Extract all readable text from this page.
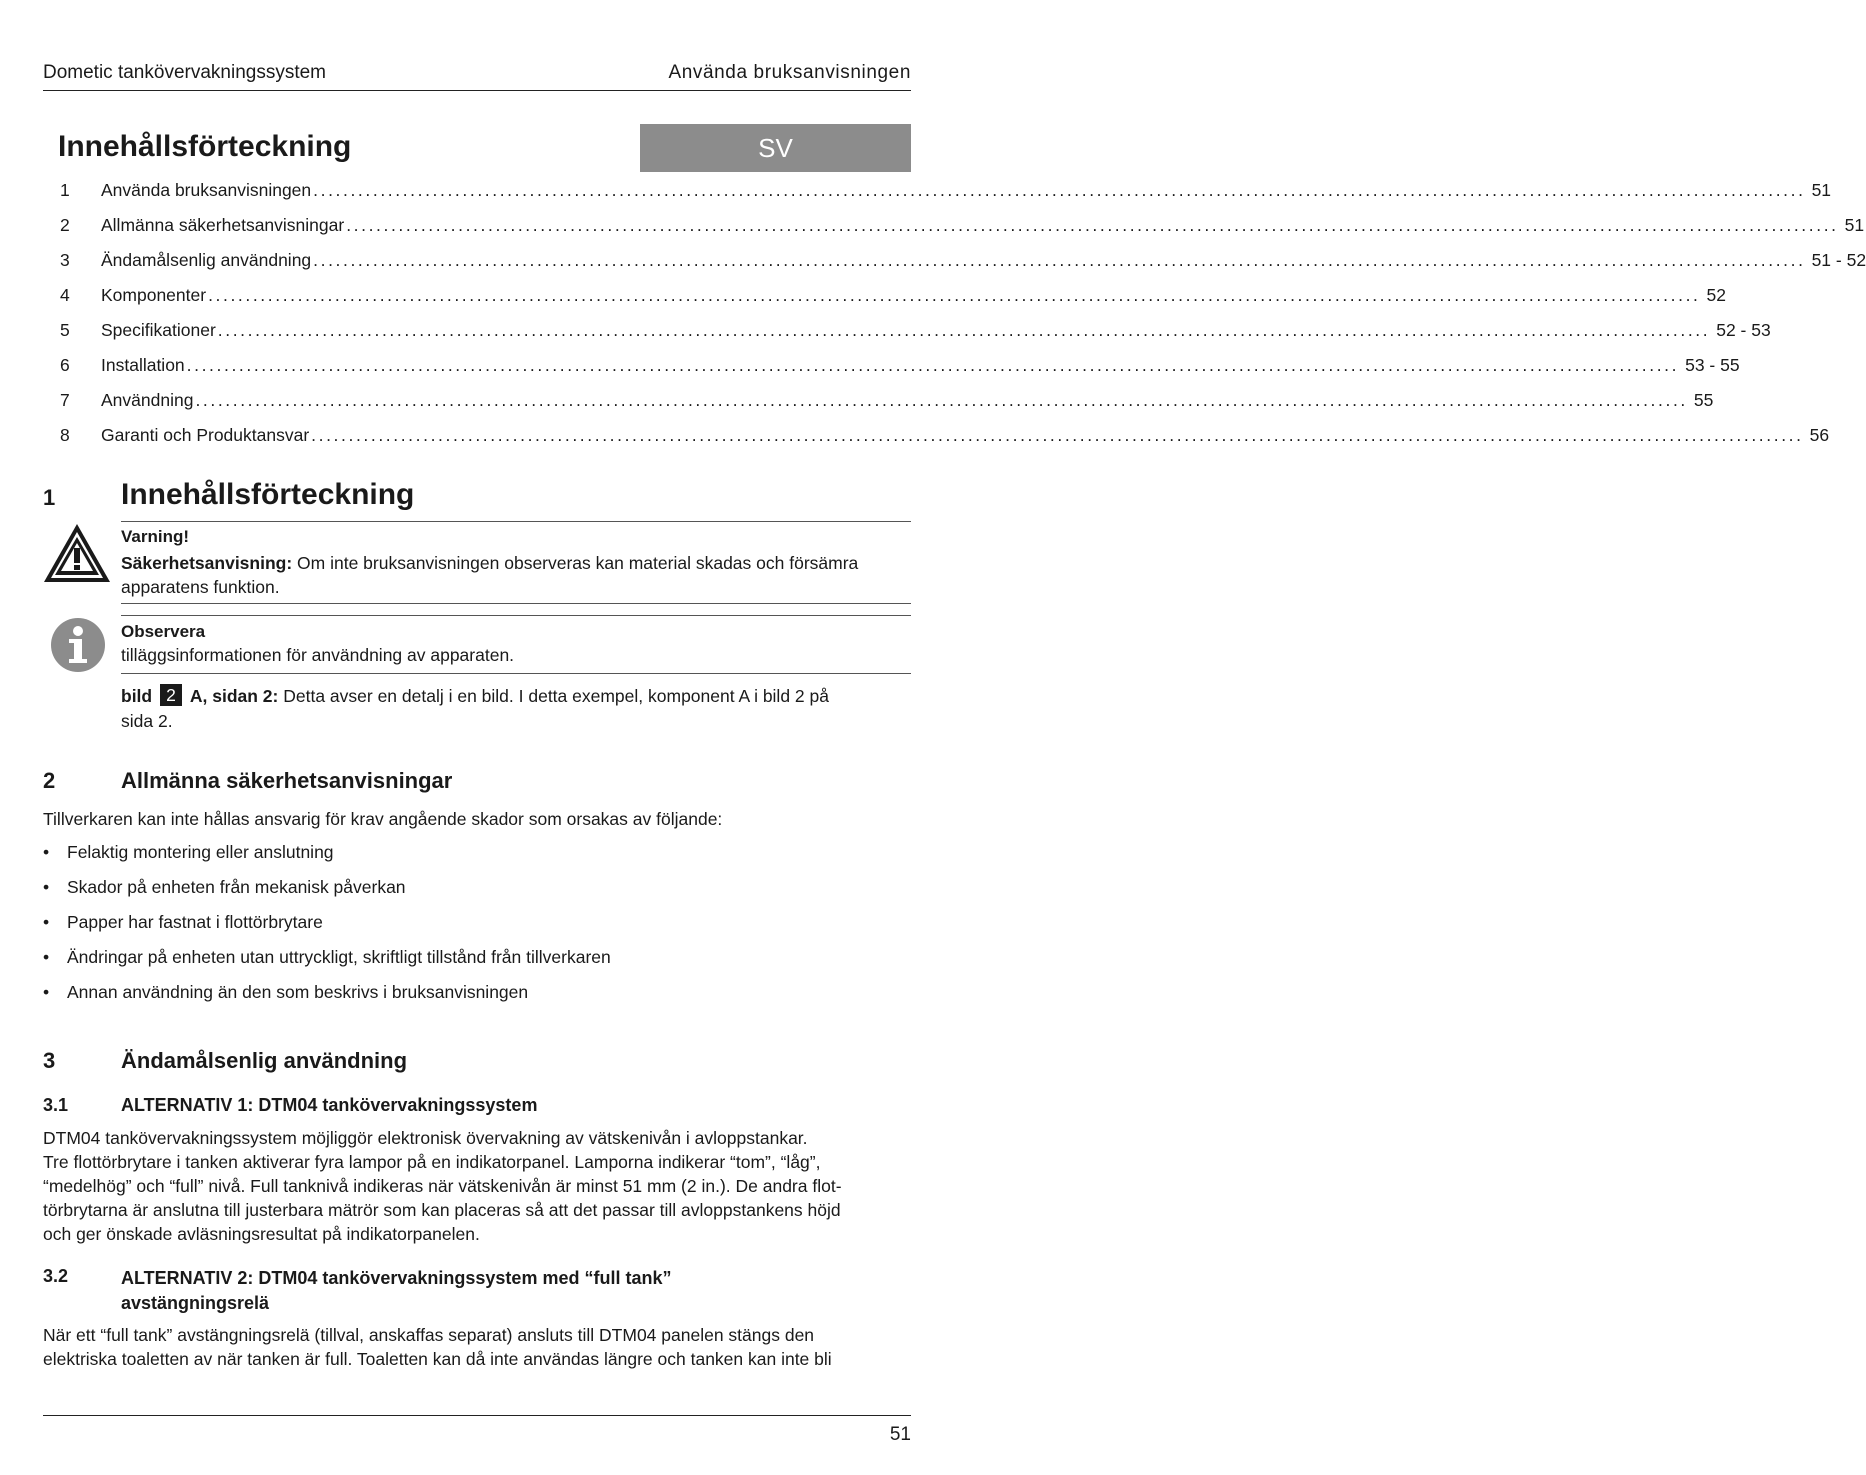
Dometic tankövervakningssystem	Använda bruksanvisningen
Innehållsförteckning	SV
1	Använda bruksanvisningen ........................................................................................................................................................................................................ 51
2	Allmänna säkerhetsanvisningar ........................................................................................................................................................................................................ 51
3	Ändamålsenlig användning ........................................................................................................................................................................................................ 51 - 52
4	Komponenter ........................................................................................................................................................................................................ 52
5	Specifikationer ........................................................................................................................................................................................................ 52 - 53
6	Installation ........................................................................................................................................................................................................ 53 - 55
7	Användning ........................................................................................................................................................................................................ 55
8	Garanti och Produktansvar ........................................................................................................................................................................................................ 56
1 Innehållsförteckning
Varning!
Säkerhetsanvisning: Om inte bruksanvisningen observeras kan material skadas och försämra apparatens funktion.
Observera
tilläggsinformationen för användning av apparaten.
bild 2 A, sidan 2: Detta avser en detalj i en bild. I detta exempel, komponent A i bild 2 på sida 2.
2	Allmänna säkerhetsanvisningar
Tillverkaren kan inte hållas ansvarig för krav angående skador som orsakas av följande:
•	Felaktig montering eller anslutning
•	Skador på enheten från mekanisk påverkan
•	Papper har fastnat i flottörbrytare
•	Ändringar på enheten utan uttryckligt, skriftligt tillstånd från tillverkaren
•	Annan användning än den som beskrivs i bruksanvisningen
3	Ändamålsenlig användning
3.1	ALTERNATIV 1: DTM04 tankövervakningssystem
DTM04 tankövervakningssystem möjliggör elektronisk övervakning av vätskenivån i avloppstankar.
Tre flottörbrytare i tanken aktiverar fyra lampor på en indikatorpanel. Lamporna indikerar “tom”, “låg”,
“medelhög” och “full” nivå. Full tanknivå indikeras när vätskenivån är minst 51 mm (2 in.). De andra flot-
törbrytarna är anslutna till justerbara mätrör som kan placeras så att det passar till avloppstankens höjd
och ger önskade avläsningsresultat på indikatorpanelen.
3.2	ALTERNATIV 2: DTM04 tankövervakningssystem med “full tank” avstängningsrelä
När ett “full tank” avstängningsrelä (tillval, anskaffas separat) ansluts till DTM04 panelen stängs den
elektriska toaletten av när tanken är full. Toaletten kan då inte användas längre och tanken kan inte bli
51
